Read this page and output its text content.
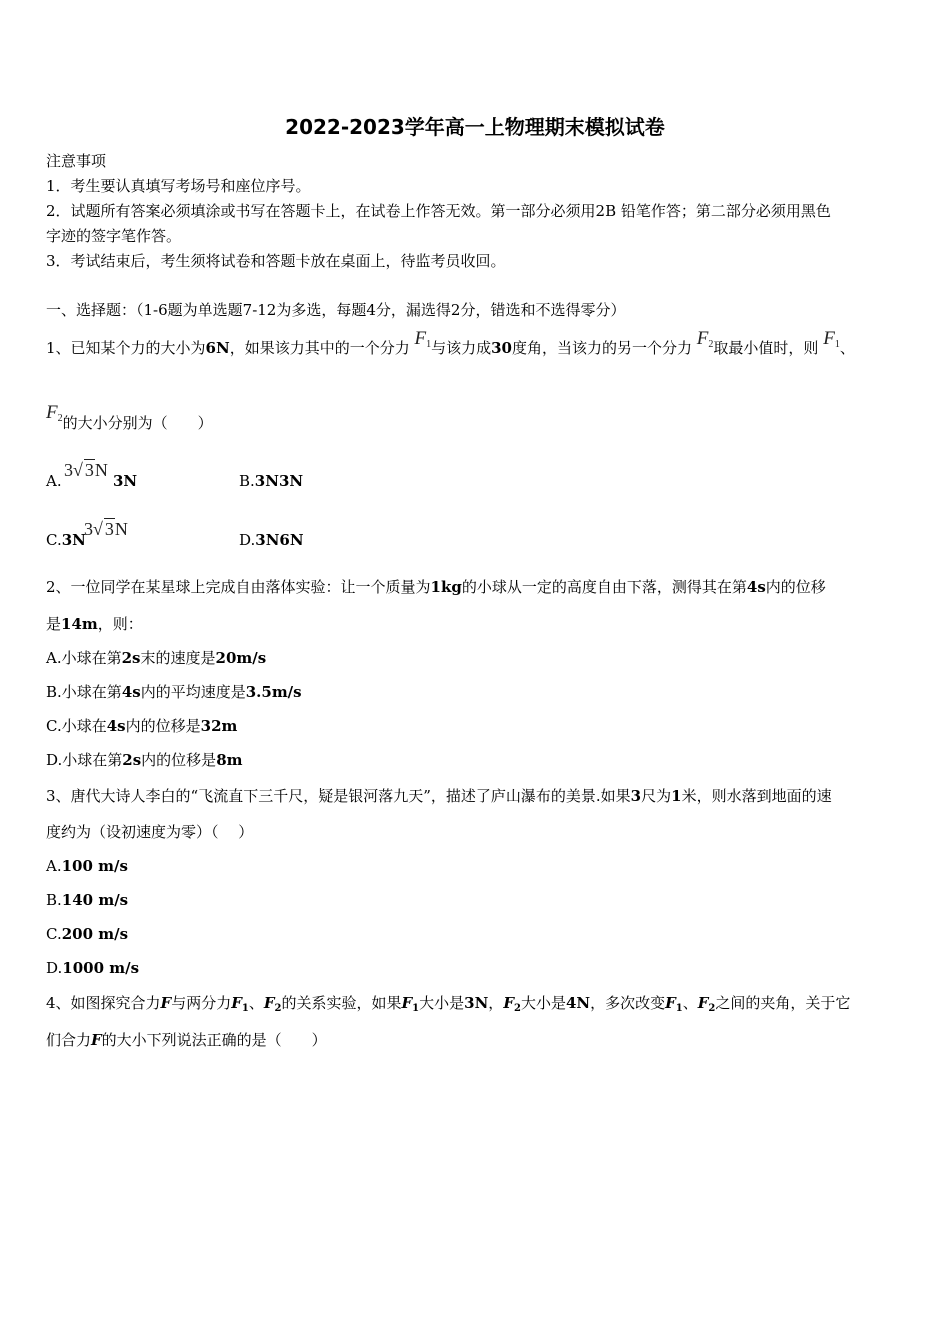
2022-2023学年高一上物理期末模拟试卷
注意事项
1．考生要认真填写考场号和座位序号。
2．试题所有答案必须填涂或书写在答题卡上，在试卷上作答无效。第一部分必须用2B 铅笔作答；第二部分必须用黑色
字迹的签字笔作答。
3．考试结束后，考生须将试卷和答题卡放在桌面上，待监考员收回。
一、选择题：（1-6题为单选题7-12为多选，每题4分，漏选得2分，错选和不选得零分）
1、已知某个力的大小为6N，如果该力其中的一个分力 $F_1$与该力成30度角，当该力的另一个分力 $F_2$取最小值时，则 $F_1$、
$F_2$的大小分别为（　　）
A.
3√ 3N
3N	B.3N3N
C.3N
3√ 3N
D.3N6N
2、一位同学在某星球上完成自由落体实验：让一个质量为1kg的小球从一定的高度自由下落，测得其在第4s内的位移
是14m，则：
A.小球在第2s末的速度是20m/s
B.小球在第4s内的平均速度是3.5m/s
C.小球在4s内的位移是32m
D.小球在第2s内的位移是8m
3、唐代大诗人李白的“飞流直下三千尺，疑是银河落九天”，描述了庐山瀑布的美景.如果3尺为1米，则水落到地面的速
度约为（设初速度为零）（　 ）
A.100 m/s
B.140 m/s
C.200 m/s
D.1000 m/s
4、如图探究合力F与两分力$F_1$、$F_2$的关系实验，如果$F_1$大小是3N，$F_2$大小是4N，多次改变$F_1$、$F_2$之间的夹角，关于它
们合力F的大小下列说法正确的是（　　）
